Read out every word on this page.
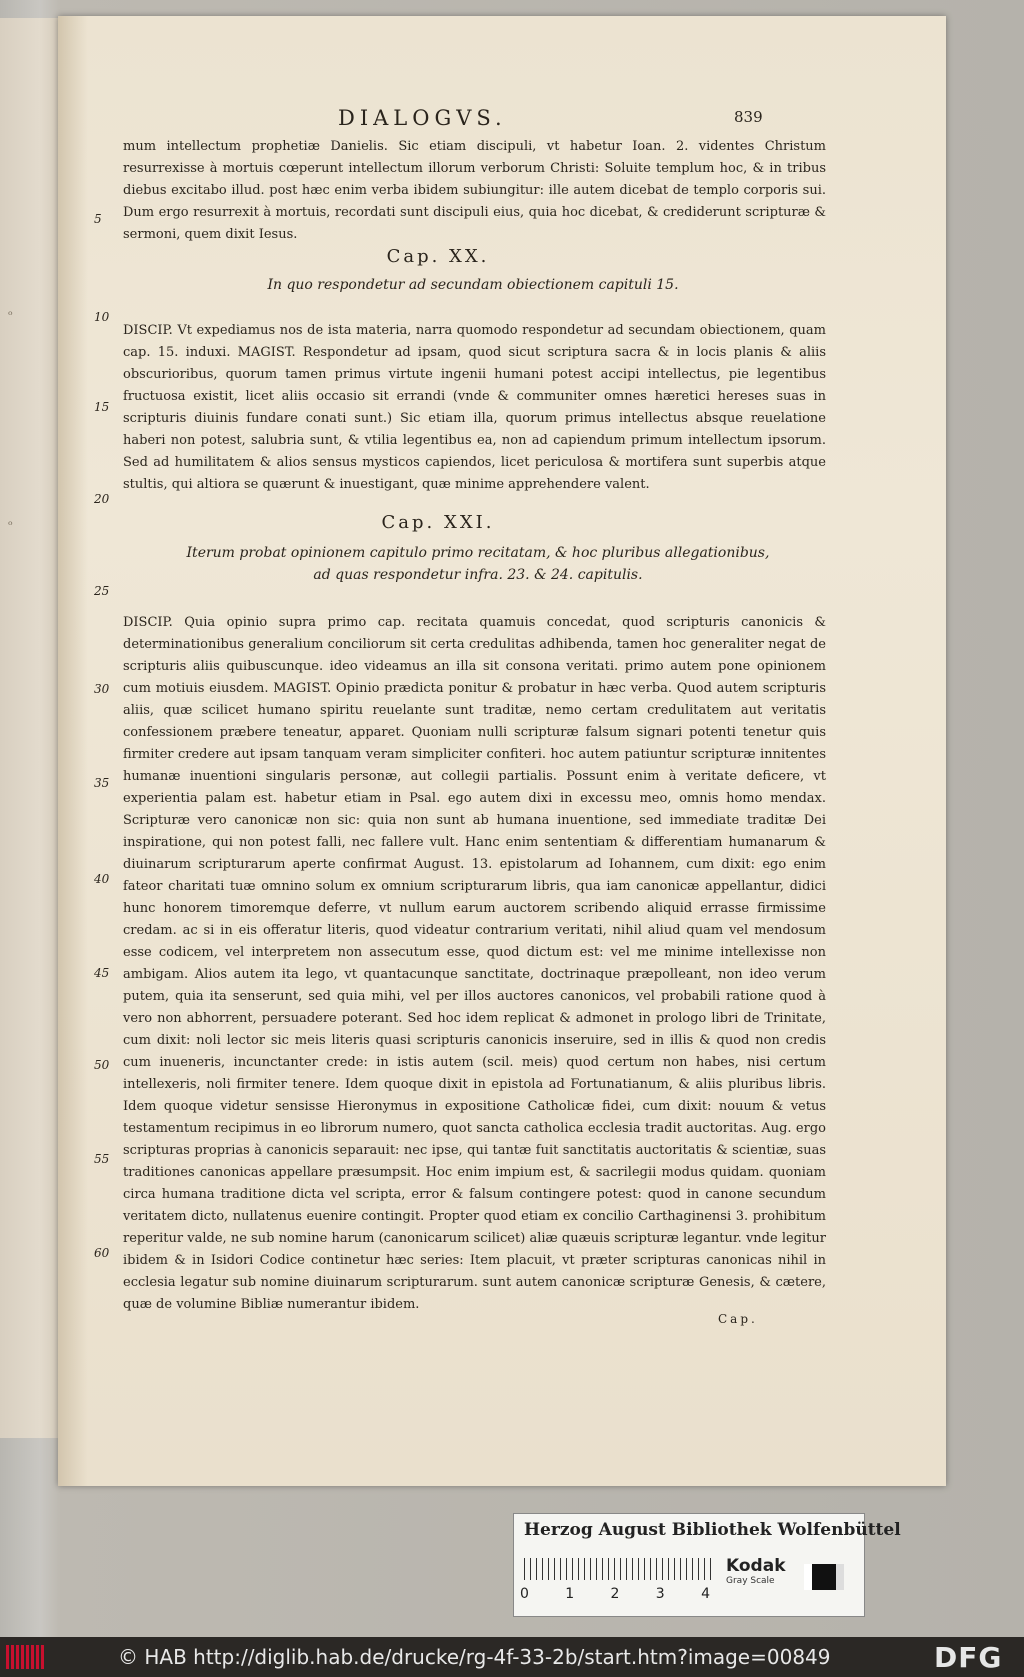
ᵒ
ᵒ
DIALOGVS.	839

mum intellectum prophetiæ Danielis. Sic etiam discipuli, vt habetur Ioan. 2. videntes Christum resurrexisse à mortuis cœperunt intellectum illorum verborum Christi: Soluite templum hoc, & in tribus diebus excitabo illud. post hæc enim verba ibidem subiungitur: ille autem dicebat de templo corporis sui. Dum ergo resurrexit à mortuis, recordati sunt discipuli eius, quia hoc dicebat, & crediderunt scripturæ & sermoni, quem dixit Iesus.

Cap. XX.
In quo respondetur ad secundam obiectionem capituli 15.

DISCIP. Vt expediamus nos de ista materia, narra quomodo respondetur ad secundam obiectionem, quam cap. 15. induxi. MAGIST. Respondetur ad ipsam, quod sicut scriptura sacra & in locis planis & aliis obscurioribus, quorum tamen primus virtute ingenii humani potest accipi intellectus, pie legentibus fructuosa existit, licet aliis occasio sit errandi (vnde & communiter omnes hæretici hereses suas in scripturis diuinis fundare conati sunt.) Sic etiam illa, quorum primus intellectus absque reuelatione haberi non potest, salubria sunt, & vtilia legentibus ea, non ad capiendum primum intellectum ipsorum. Sed ad humilitatem & alios sensus mysticos capiendos, licet periculosa & mortifera sunt superbis atque stultis, qui altiora se quærunt & inuestigant, quæ minime apprehendere valent.

Cap. XXI.
Iterum probat opinionem capitulo primo recitatam, & hoc pluribus allegationibus, ad quas respondetur infra. 23. & 24. capitulis.

DISCIP. Quia opinio supra primo cap. recitata quamuis concedat, quod scripturis canonicis & determinationibus generalium conciliorum sit certa credulitas adhibenda, tamen hoc generaliter negat de scripturis aliis quibuscunque. ideo videamus an illa sit consona veritati. primo autem pone opinionem cum motiuis eiusdem. MAGIST. Opinio prædicta ponitur & probatur in hæc verba. Quod autem scripturis aliis, quæ scilicet humano spiritu reuelante sunt traditæ, nemo certam credulitatem aut veritatis confessionem præbere teneatur, apparet. Quoniam nulli scripturæ falsum signari potenti tenetur quis firmiter credere aut ipsam tanquam veram simpliciter confiteri. hoc autem patiuntur scripturæ innitentes humanæ inuentioni singularis personæ, aut collegii partialis. Possunt enim à veritate deficere, vt experientia palam est. habetur etiam in Psal. ego autem dixi in excessu meo, omnis homo mendax. Scripturæ vero canonicæ non sic: quia non sunt ab humana inuentione, sed immediate traditæ Dei inspiratione, qui non potest falli, nec fallere vult. Hanc enim sententiam & differentiam humanarum & diuinarum scripturarum aperte confirmat August. 13. epistolarum ad Iohannem, cum dixit: ego enim fateor charitati tuæ omnino solum ex omnium scripturarum libris, qua iam canonicæ appellantur, didici hunc honorem timoremque deferre, vt nullum earum auctorem scribendo aliquid errasse firmissime credam. ac si in eis offeratur literis, quod videatur contrarium veritati, nihil aliud quam vel mendosum esse codicem, vel interpretem non assecutum esse, quod dictum est: vel me minime intellexisse non ambigam. Alios autem ita lego, vt quantacunque sanctitate, doctrinaque præpolleant, non ideo verum putem, quia ita senserunt, sed quia mihi, vel per illos auctores canonicos, vel probabili ratione quod à vero non abhorrent, persuadere poterant. Sed hoc idem replicat & admonet in prologo libri de Trinitate, cum dixit: noli lector sic meis literis quasi scripturis canonicis inseruire, sed in illis & quod non credis cum inueneris, incunctanter crede: in istis autem (scil. meis) quod certum non habes, nisi certum intellexeris, noli firmiter tenere. Idem quoque dixit in epistola ad Fortunatianum, & aliis pluribus libris. Idem quoque videtur sensisse Hieronymus in expositione Catholicæ fidei, cum dixit: nouum & vetus testamentum recipimus in eo librorum numero, quot sancta catholica ecclesia tradit auctoritas. Aug. ergo scripturas proprias à canonicis separauit: nec ipse, qui tantæ fuit sanctitatis auctoritatis & scientiæ, suas traditiones canonicas appellare præsumpsit. Hoc enim impium est, & sacrilegii modus quidam. quoniam circa humana traditione dicta vel scripta, error & falsum contingere potest: quod in canone secundum veritatem dicto, nullatenus euenire contingit. Propter quod etiam ex concilio Carthaginensi 3. prohibitum reperitur valde, ne sub nomine harum (canonicarum scilicet) aliæ quæuis scripturæ legantur. vnde legitur ibidem & in Isidori Codice continetur hæc series: Item placuit, vt præter scripturas canonicas nihil in ecclesia legatur sub nomine diuinarum scripturarum. sunt autem canonicæ scripturæ Genesis, & cætere, quæ de volumine Bibliæ numerantur ibidem.

5
10
15
20
25
30
35
40
45
50
55
60
Cap.
Herzog August Bibliothek Wolfenbüttel
0	1	2	3	4
Kodak
Gray Scale
© HAB http://diglib.hab.de/drucke/rg-4f-33-2b/start.htm?image=00849	DFG
